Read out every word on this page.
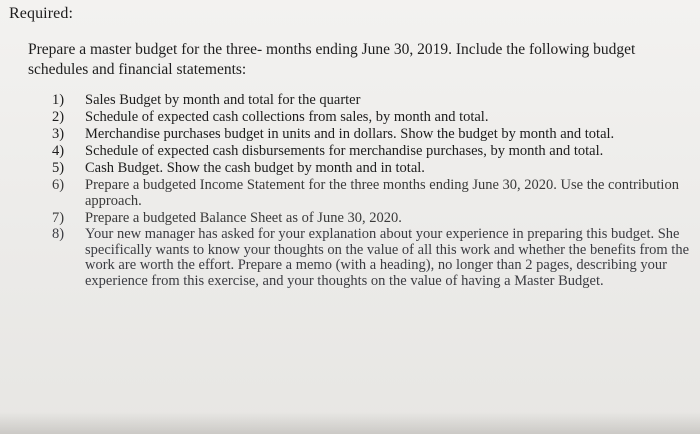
Required:
Prepare a master budget for the three- months ending June 30, 2019. Include the following budget schedules and financial statements:
1)	Sales Budget by month and total for the quarter
2)	Schedule of expected cash collections from sales, by month and total.
3)	Merchandise purchases budget in units and in dollars. Show the budget by month and total.
4)	Schedule of expected cash disbursements for merchandise purchases, by month and total.
5)	Cash Budget. Show the cash budget by month and in total.
6)	Prepare a budgeted Income Statement for the three months ending June 30, 2020. Use the contribution approach.
7)	Prepare a budgeted Balance Sheet as of June 30, 2020.
8)	Your new manager has asked for your explanation about your experience in preparing this budget. She specifically wants to know your thoughts on the value of all this work and whether the benefits from the work are worth the effort. Prepare a memo (with a heading), no longer than 2 pages, describing your experience from this exercise, and your thoughts on the value of having a Master Budget.
